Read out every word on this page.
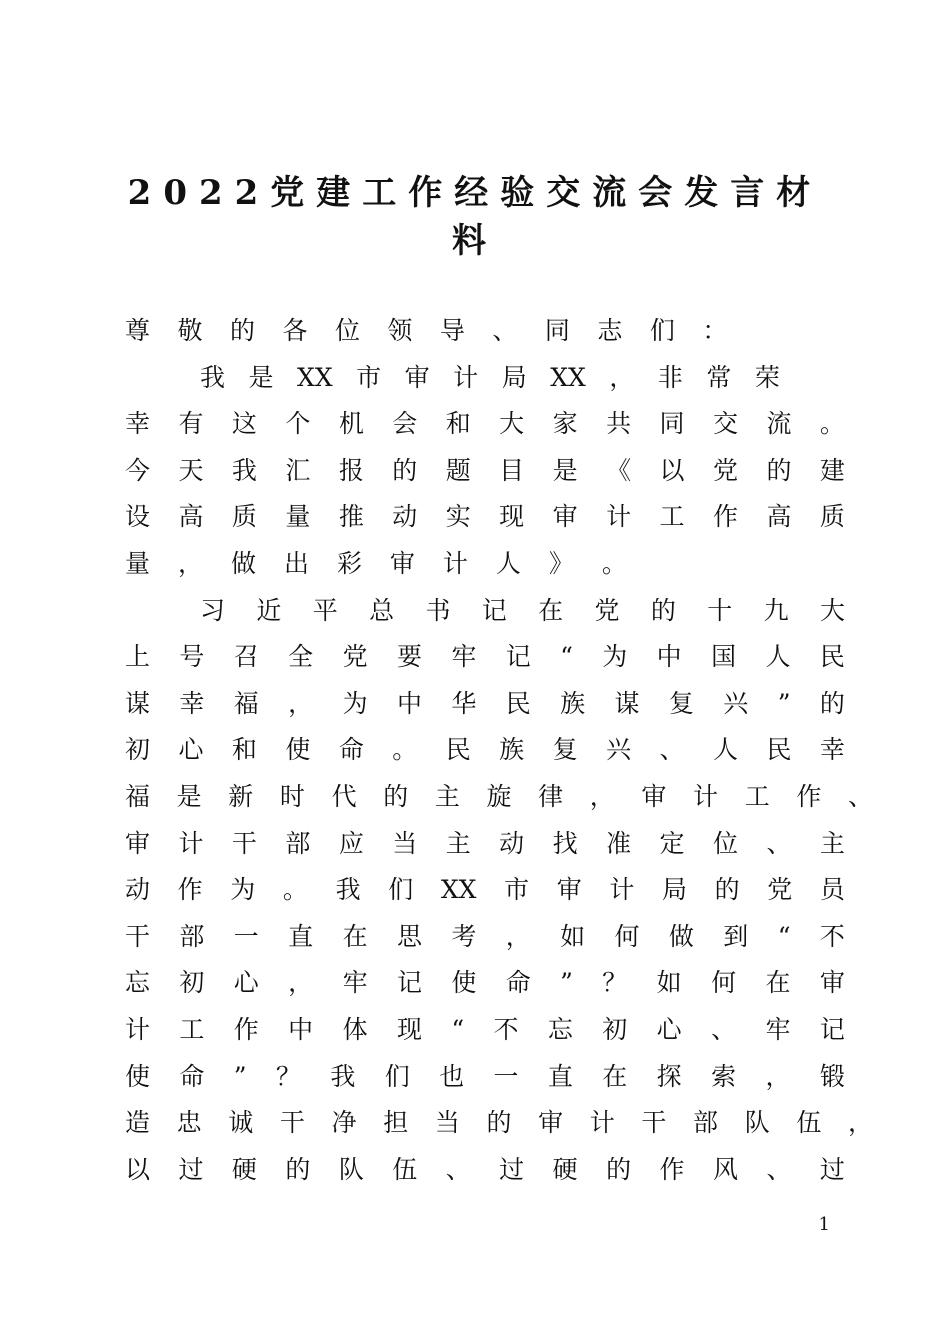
2022党建工作经验交流会发言材
料
尊 敬 的 各 位 领 导 、 同 志 们 ：
我 是 XX 市 审 计 局 XX ， 非 常 荣
幸 有 这 个 机 会 和 大 家 共 同 交 流 。
今 天 我 汇 报 的 题 目 是 《 以 党 的 建
设 高 质 量 推 动 实 现 审 计 工 作 高 质
量 ， 做 出 彩 审 计 人 》 。
习 近 平 总 书 记 在 党 的 十 九 大
上 号 召 全 党 要 牢 记 “ 为 中 国 人 民
谋 幸 福 ， 为 中 华 民 族 谋 复 兴 ” 的
初 心 和 使 命 。 民 族 复 兴 、 人 民 幸
福 是 新 时 代 的 主 旋 律 ， 审 计 工 作 、
审 计 干 部 应 当 主 动 找 准 定 位 、 主
动 作 为 。 我 们 XX 市 审 计 局 的 党 员
干 部 一 直 在 思 考 ， 如 何 做 到 “ 不
忘 初 心 ， 牢 记 使 命 ” ？ 如 何 在 审
计 工 作 中 体 现 “ 不 忘 初 心 、 牢 记
使 命 ” ？ 我 们 也 一 直 在 探 索 ， 锻
造 忠 诚 干 净 担 当 的 审 计 干 部 队 伍 ，
以 过 硬 的 队 伍 、 过 硬 的 作 风 、 过
1
